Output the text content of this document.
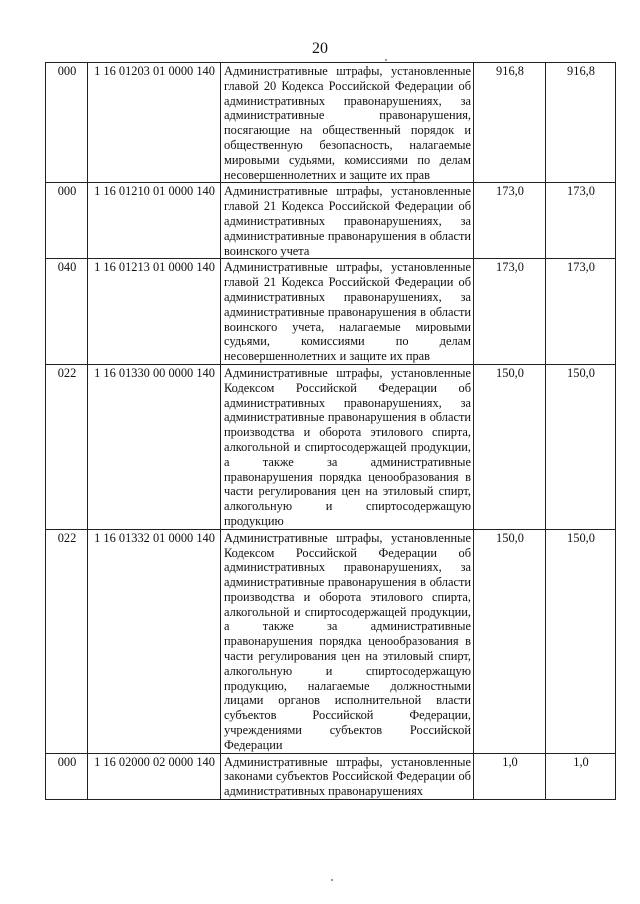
20
000	1 16 01203 01 0000 140	Административные штрафы, установленные главой 20 Кодекса Российской Федерации об административных правонарушениях, за административные правонарушения, посягающие на общественный порядок и общественную безопасность, налагаемые мировыми судьями, комиссиями по делам несовершеннолетних и защите их прав	916,8	916,8
000	1 16 01210 01 0000 140	Административные штрафы, установленные главой 21 Кодекса Российской Федерации об административных правонарушениях, за административные правонарушения в области воинского учета	173,0	173,0
040	1 16 01213 01 0000 140	Административные штрафы, установленные главой 21 Кодекса Российской Федерации об административных правонарушениях, за административные правонарушения в области воинского учета, налагаемые мировыми судьями, комиссиями по делам несовершеннолетних и защите их прав	173,0	173,0
022	1 16 01330 00 0000 140	Административные штрафы, установленные Кодексом Российской Федерации об административных правонарушениях, за административные правонарушения в области производства и оборота этилового спирта, алкогольной и спиртосодержащей продукции, а также за административные правонарушения порядка ценообразования в части регулирования цен на этиловый спирт, алкогольную и спиртосодержащую продукцию	150,0	150,0
022	1 16 01332 01 0000 140	Административные штрафы, установленные Кодексом Российской Федерации об административных правонарушениях, за административные правонарушения в области производства и оборота этилового спирта, алкогольной и спиртосодержащей продукции, а также за административные правонарушения порядка ценообразования в части регулирования цен на этиловый спирт, алкогольную и спиртосодержащую продукцию, налагаемые должностными лицами органов исполнительной власти субъектов Российской Федерации, учреждениями субъектов Российской Федерации	150,0	150,0
000	1 16 02000 02 0000 140	Административные штрафы, установленные законами субъектов Российской Федерации об административных правонарушениях	1,0	1,0
